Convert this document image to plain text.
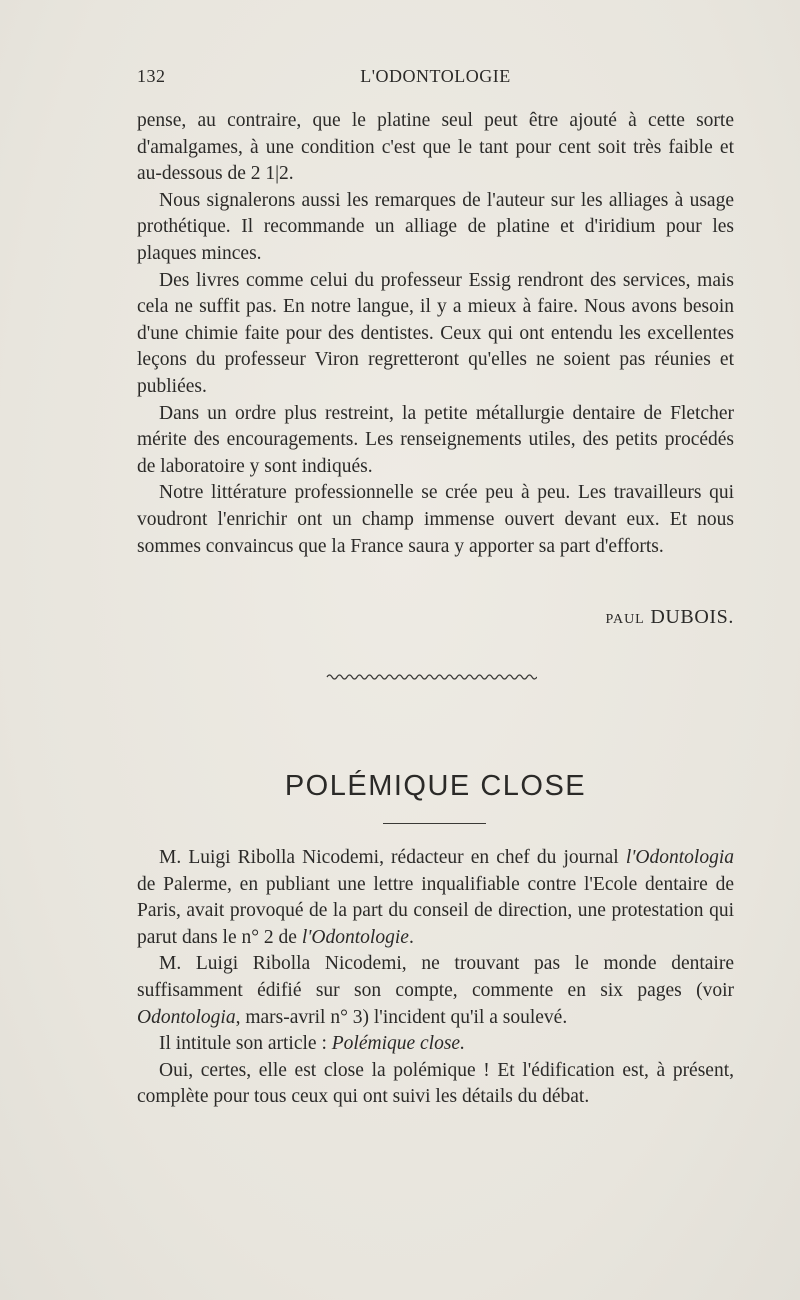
132	L'ODONTOLOGIE

pense, au contraire, que le platine seul peut être ajouté à cette sorte d'amalgames, à une condition c'est que le tant pour cent soit très faible et au-dessous de 2 1|2.

Nous signalerons aussi les remarques de l'auteur sur les alliages à usage prothétique. Il recommande un alliage de platine et d'iridium pour les plaques minces.

Des livres comme celui du professeur Essig rendront des services, mais cela ne suffit pas. En notre langue, il y a mieux à faire. Nous avons besoin d'une chimie faite pour des dentistes. Ceux qui ont entendu les excellentes leçons du professeur Viron regretteront qu'elles ne soient pas réunies et publiées.

Dans un ordre plus restreint, la petite métallurgie dentaire de Fletcher mérite des encouragements. Les renseignements utiles, des petits procédés de laboratoire y sont indiqués.

Notre littérature professionnelle se crée peu à peu. Les travailleurs qui voudront l'enrichir ont un champ immense ouvert devant eux. Et nous sommes convaincus que la France saura y apporter sa part d'efforts.

PAUL DUBOIS.
POLÉMIQUE CLOSE

M. Luigi Ribolla Nicodemi, rédacteur en chef du journal l'Odontologia de Palerme, en publiant une lettre inqualifiable contre l'Ecole dentaire de Paris, avait provoqué de la part du conseil de direction, une protestation qui parut dans le n° 2 de l'Odontologie.

M. Luigi Ribolla Nicodemi, ne trouvant pas le monde dentaire suffisamment édifié sur son compte, commente en six pages (voir Odontologia, mars-avril n° 3) l'incident qu'il a soulevé.

Il intitule son article : Polémique close.

Oui, certes, elle est close la polémique ! Et l'édification est, à présent, complète pour tous ceux qui ont suivi les détails du débat.
